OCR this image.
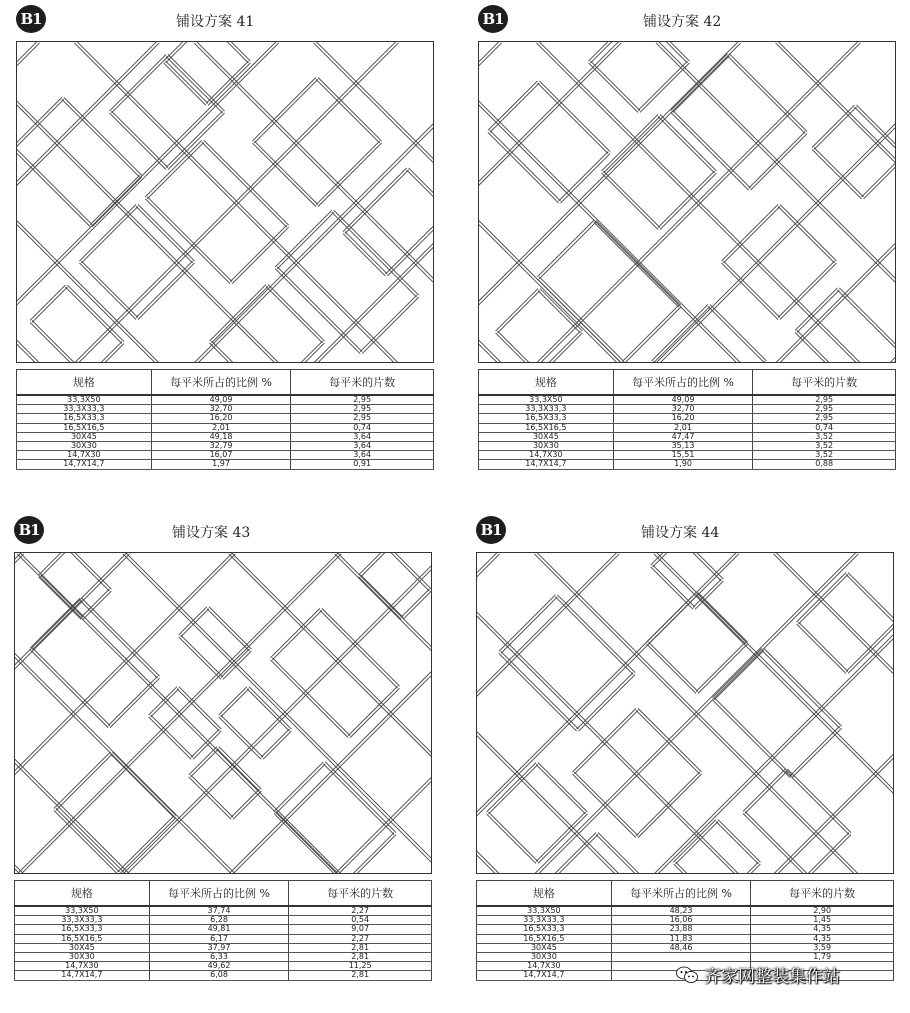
B1	铺设方案 41
规格	每平米所占的比例 %	每平米的片数
33,3X50	49,09	2,95
33,3X33,3	32,70	2,95
16,5X33,3	16,20	2,95
16,5X16,5	2,01	0,74
30X45	49,18	3,64
30X30	32,79	3,64
14,7X30	16,07	3,64
14,7X14,7	1,97	0,91
B1	铺设方案 42
规格	每平米所占的比例 %	每平米的片数
33,3X50	49,09	2,95
33,3X33,3	32,70	2,95
16,5X33,3	16,20	2,95
16,5X16,5	2,01	0,74
30X45	47,47	3,52
30X30	35,13	3,52
14,7X30	15,51	3,52
14,7X14,7	1,90	0,88
B1	铺设方案 43
规格	每平米所占的比例 %	每平米的片数
33,3X50	37,74	2,27
33,3X33,3	6,28	0,54
16,5X33,3	49,81	9,07
16,5X16,5	6,17	2,27
30X45	37,97	2,81
30X30	6,33	2,81
14,7X30	49,62	11,25
14,7X14,7	6,08	2,81
B1	铺设方案 44
规格	每平米所占的比例 %	每平米的片数
33,3X50	48,23	2,90
33,3X33,3	16,06	1,45
16,5X33,3	23,88	4,35
16,5X16,5	11,83	4,35
30X45	48,46	3,59
30X30		1,79
14,7X30		
14,7X14,7			齐家网整装集作站
